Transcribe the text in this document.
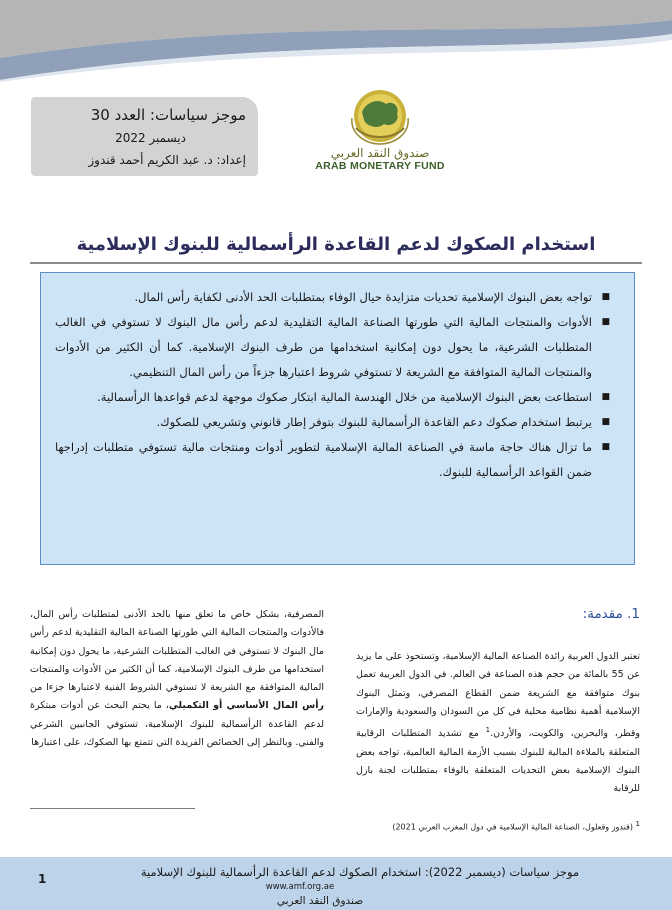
موجز سياسات: العدد 30
ديسمبر 2022
إعداد: د. عبد الكريم أحمد قندوز	صندوق النقد العربي
ARAB MONETARY FUND
استخدام الصكوك لدعم القاعدة الرأسمالية للبنوك الإسلامية
■
تواجه بعض البنوك الإسلامية تحديات متزايدة حيال الوفاء بمتطلبات الحد الأدنى لكفاية رأس المال.
■
الأدوات والمنتجات المالية التي طورتها الصناعة المالية التقليدية لدعم رأس مال البنوك لا تستوفي في الغالب المتطلبات الشرعية، ما يحول دون إمكانية استخدامها من طرف البنوك الإسلامية. كما أن الكثير من الأدوات والمنتجات المالية المتوافقة مع الشريعة لا تستوفي شروط اعتبارها جزءاً من رأس المال التنظيمي.
■
استطاعت بعض البنوك الإسلامية من خلال الهندسة المالية ابتكار صكوك موجهة لدعم قواعدها الرأسمالية.
■
يرتبط استخدام صكوك دعم القاعدة الرأسمالية للبنوك بتوفر إطار قانوني وتشريعي للصكوك.
■
ما تزال هناك حاجة ماسة في الصناعة المالية الإسلامية لتطوير أدوات ومنتجات مالية تستوفي متطلبات إدراجها ضمن القواعد الرأسمالية للبنوك.
1. مقدمة:
تعتبر الدول العربية رائدة الصناعة المالية الإسلامية، وتستحوذ على ما يزيد عن 55 بالمائة من حجم هذه الصناعة في العالم. في الدول العربية تعمل بنوك متوافقة مع الشريعة ضمن القطاع المصرفي، وتمثل البنوك الإسلامية أهمية نظامية محلية في كل من السودان والسعودية والإمارات وقطر، والبحرين، والكويت، والأردن.$^1$ مع تشديد المتطلبات الرقابية المتعلقة بالملاءة المالية للبنوك بسبب الأزمة المالية العالمية، تواجه بعض البنوك الإسلامية بعض التحديات المتعلقة بالوفاء بمتطلبات لجنة بازل للرقابة
المصرفية، بشكل خاص ما تعلق منها بالحد الأدنى لمتطلبات رأس المال، فالأدوات والمنتجات المالية التي طورتها الصناعة المالية التقليدية لدعم رأس مال البنوك لا تستوفي في الغالب المتطلبات الشرعية، ما يحول دون إمكانية استخدامها من طرف البنوك الإسلامية، كما أن الكثير من الأدوات والمنتجات المالية المتوافقة مع الشريعة لا تستوفي الشروط الفنية لاعتبارها جزءا من رأس المال الأساسي أو التكميلي، ما يحتم البحث عن أدوات مبتكرة لدعم القاعدة الرأسمالية للبنوك الإسلامية، تستوفي الجانبين الشرعي والفني. وبالنظر إلى الخصائص الفريدة التي تتمتع بها الصكوك، على اعتبارها
$^1$ (قندوز وقعلول، الصناعة المالية الإسلامية في دول المغرب العربي 2021)
موجز سياسات (ديسمبر 2022): استخدام الصكوك لدعم القاعدة الرأسمالية للبنوك الإسلامية
www.amf.org.ae
صندوق النقد العربي
1
